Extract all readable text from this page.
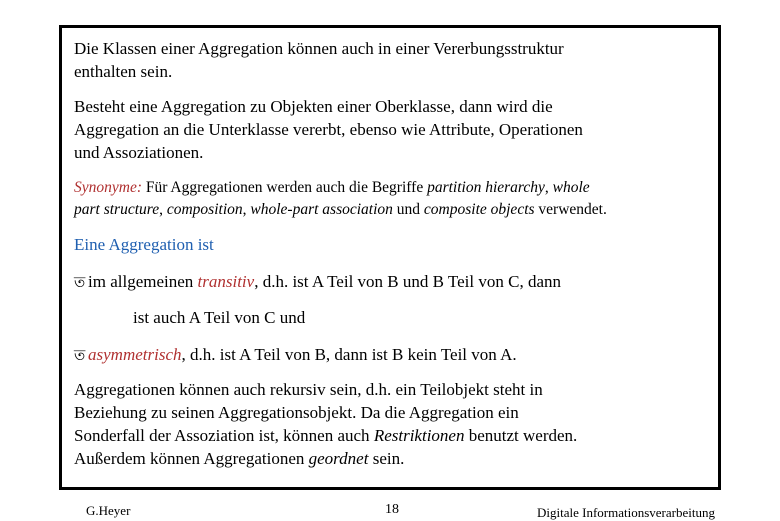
Die Klassen einer Aggregation können auch in einer Vererbungsstruktur
enthalten sein.
Besteht eine Aggregation zu Objekten einer Oberklasse, dann wird die
Aggregation an die Unterklasse vererbt, ebenso wie Attribute, Operationen
und Assoziationen.
Synonyme: Für Aggregationen werden auch die Begriffe partition hierarchy, whole
part structure, composition, whole-part association und composite objects verwendet.
Eine Aggregation ist
ত im allgemeinen transitiv, d.h. ist A Teil von B und B Teil von C, dann
ist auch A Teil von C und
ত asymmetrisch, d.h. ist A Teil von B, dann ist B kein Teil von A.
Aggregationen können auch rekursiv sein, d.h. ein Teilobjekt steht in
Beziehung zu seinen Aggregationsobjekt. Da die Aggregation ein
Sonderfall der Assoziation ist, können auch Restriktionen benutzt werden.
Außerdem können Aggregationen geordnet sein.
G.Heyer	18	Digitale Informationsverarbeitung
